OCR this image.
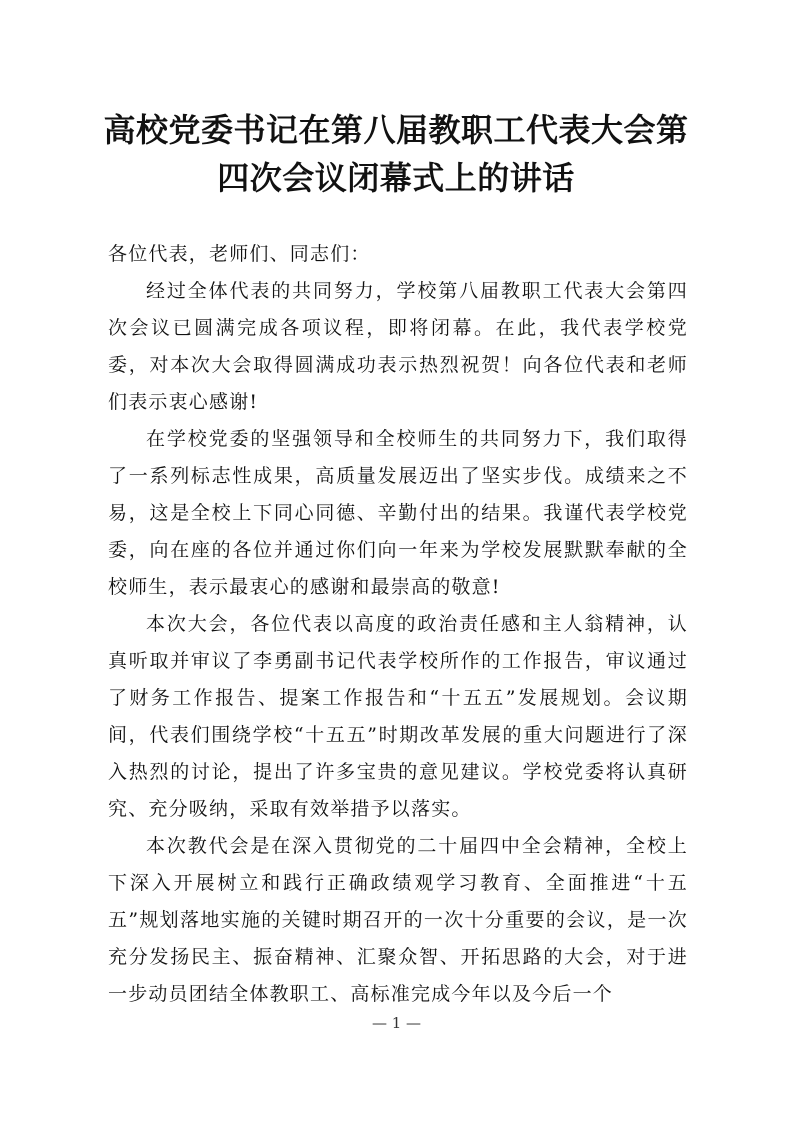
高校党委书记在第八届教职工代表大会第
四次会议闭幕式上的讲话

各位代表，老师们、同志们：

经过全体代表的共同努力，学校第八届教职工代表大会第四次会议已圆满完成各项议程，即将闭幕。在此，我代表学校党委，对本次大会取得圆满成功表示热烈祝贺！向各位代表和老师们表示衷心感谢!

在学校党委的坚强领导和全校师生的共同努力下，我们取得了一系列标志性成果，高质量发展迈出了坚实步伐。成绩来之不易，这是全校上下同心同德、辛勤付出的结果。我谨代表学校党委，向在座的各位并通过你们向一年来为学校发展默默奉献的全校师生，表示最衷心的感谢和最崇高的敬意!

本次大会，各位代表以高度的政治责任感和主人翁精神，认真听取并审议了李勇副书记代表学校所作的工作报告，审议通过了财务工作报告、提案工作报告和“十五五”发展规划。会议期间，代表们围绕学校“十五五”时期改革发展的重大问题进行了深入热烈的讨论，提出了许多宝贵的意见建议。学校党委将认真研究、充分吸纳，采取有效举措予以落实。

本次教代会是在深入贯彻党的二十届四中全会精神，全校上下深入开展树立和践行正确政绩观学习教育、全面推进“十五五”规划落地实施的关键时期召开的一次十分重要的会议，是一次充分发扬民主、振奋精神、汇聚众智、开拓思路的大会，对于进一步动员团结全体教职工、高标准完成今年以及今后一个

— 1 —
